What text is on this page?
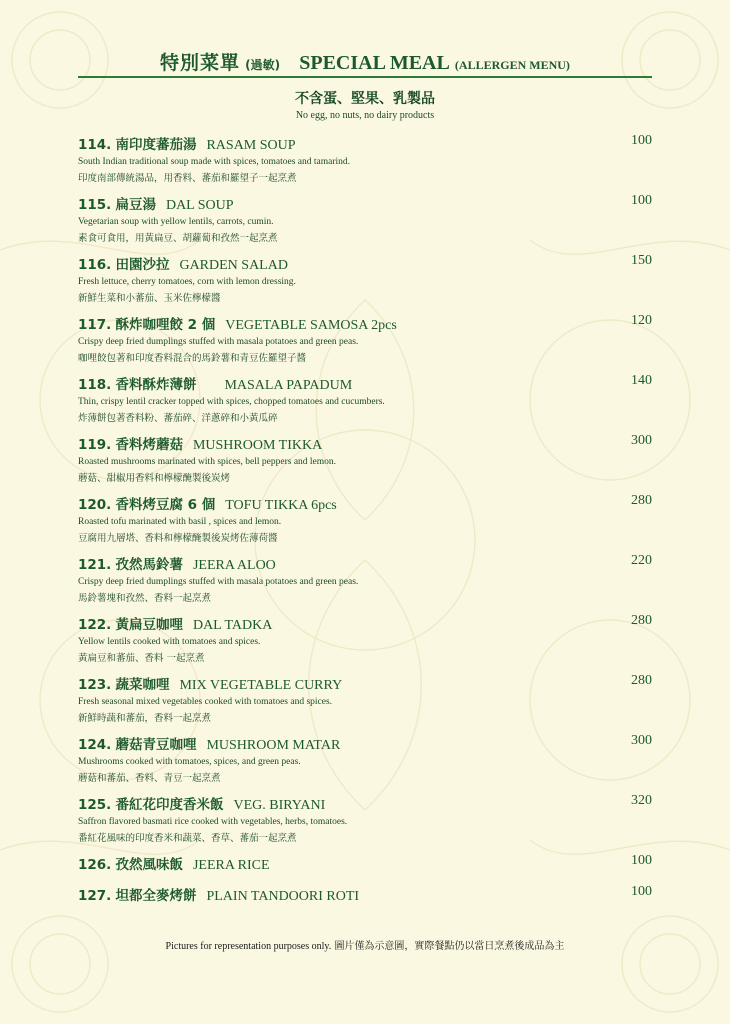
特別菜單 (過敏) SPECIAL MEAL (ALLERGEN MENU)
不含蛋、堅果、乳製品
No egg, no nuts, no dairy products
114. 南印度蕃茄湯 RASAM SOUP	100
South Indian traditional soup made with spices, tomatoes and tamarind.
印度南部傳統湯品，用香料、蕃茄和羅望子一起烹煮
115. 扁豆湯 DAL SOUP	100
Vegetarian soup with yellow lentils, carrots, cumin.
素食可食用，用黃扁豆、胡蘿蔔和孜然一起烹煮
116. 田園沙拉 GARDEN SALAD	150
Fresh lettuce, cherry tomatoes, corn with lemon dressing.
新鮮生菜和小蕃茄、玉米佐檸檬醬
117. 酥炸咖哩餃 2 個 VEGETABLE SAMOSA 2pcs	120
Crispy deep fried dumplings stuffed with masala potatoes and green peas.
咖哩餃包著和印度香料混合的馬鈴薯和青豆佐羅望子醬
118. 香料酥炸薄餅 MASALA PAPADUM	140
Thin, crispy lentil cracker topped with spices, chopped tomatoes and cucumbers.
炸薄餅包著香料粉、蕃茄碎、洋蔥碎和小黃瓜碎
119. 香料烤蘑菇 MUSHROOM TIKKA	300
Roasted mushrooms marinated with spices, bell peppers and lemon.
蘑菇、甜椒用香料和檸檬醃製後炭烤
120. 香料烤豆腐 6 個 TOFU TIKKA 6pcs	280
Roasted tofu marinated with basil , spices and lemon.
豆腐用九層塔、香料和檸檬醃製後炭烤佐薄荷醬
121. 孜然馬鈴薯 JEERA ALOO	220
Crispy deep fried dumplings stuffed with masala potatoes and green peas.
馬鈴薯塊和孜然、香料一起烹煮
122. 黃扁豆咖哩 DAL TADKA	280
Yellow lentils cooked with tomatoes and spices.
黃扁豆和蕃茄、香料 一起烹煮
123. 蔬菜咖哩 MIX VEGETABLE CURRY	280
Fresh seasonal mixed vegetables cooked with tomatoes and spices.
新鮮時蔬和蕃茄，香料一起烹煮
124. 蘑菇青豆咖哩 MUSHROOM MATAR	300
Mushrooms cooked with tomatoes, spices, and green peas.
蘑菇和蕃茄、香料、青豆一起烹煮
125. 番紅花印度香米飯 VEG. BIRYANI	320
Saffron flavored basmati rice cooked with vegetables, herbs, tomatoes.
番紅花風味的印度香米和蔬菜、香草、蕃茄一起烹煮
126. 孜然風味飯 JEERA RICE	100
127. 坦都全麥烤餅 PLAIN TANDOORI ROTI	100
Pictures for representation purposes only. 圖片僅為示意圖，實際餐點仍以當日烹煮後成品為主
